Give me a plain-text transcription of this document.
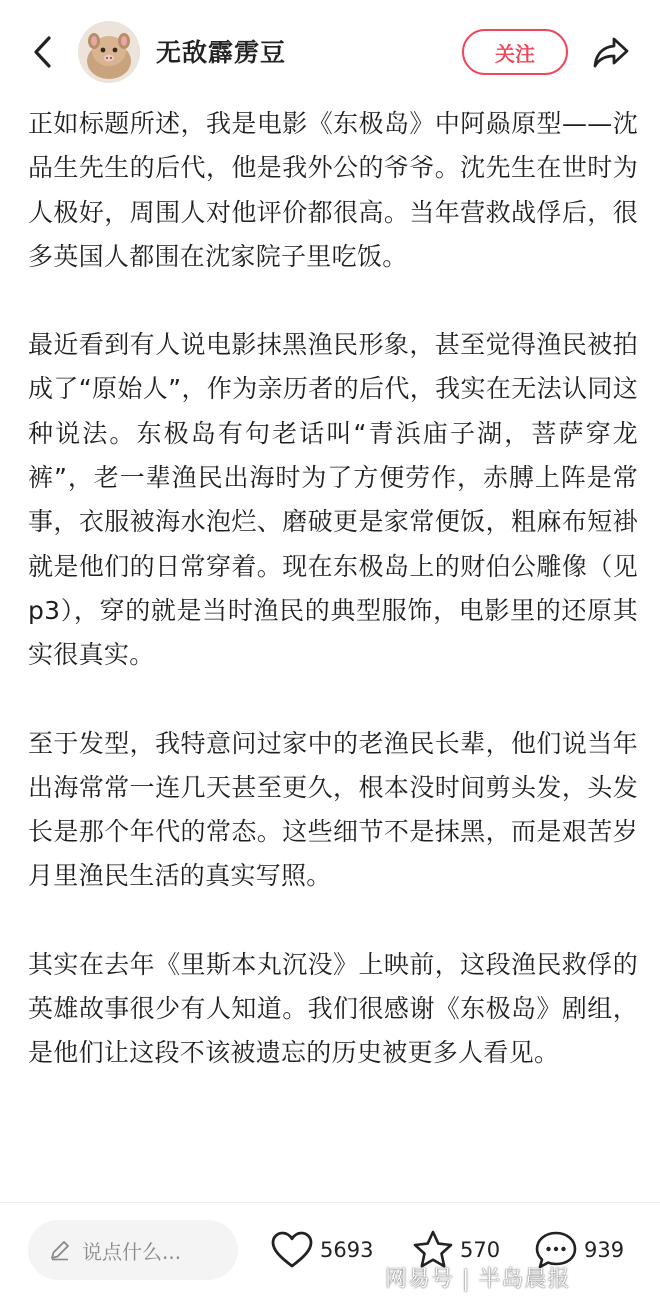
无敌霹雳豆	关注

正如标题所述，我是电影《东极岛》中阿赑原型——沈品生先生的后代，他是我外公的爷爷。沈先生在世时为人极好，周围人对他评价都很高。当年营救战俘后，很多英国人都围在沈家院子里吃饭。

最近看到有人说电影抹黑渔民形象，甚至觉得渔民被拍成了“原始人”，作为亲历者的后代，我实在无法认同这种说法。东极岛有句老话叫“青浜庙子湖，菩萨穿龙裤”，老一辈渔民出海时为了方便劳作，赤膊上阵是常事，衣服被海水泡烂、磨破更是家常便饭，粗麻布短褂就是他们的日常穿着。现在东极岛上的财伯公雕像（见p3），穿的就是当时渔民的典型服饰，电影里的还原其实很真实。

至于发型，我特意问过家中的老渔民长辈，他们说当年出海常常一连几天甚至更久，根本没时间剪头发，头发长是那个年代的常态。这些细节不是抹黑，而是艰苦岁月里渔民生活的真实写照。

其实在去年《里斯本丸沉没》上映前，这段渔民救俘的英雄故事很少有人知道。我们很感谢《东极岛》剧组，是他们让这段不该被遗忘的历史被更多人看见。

说点什么...	5693	570	939
网易号 | 半岛晨报
